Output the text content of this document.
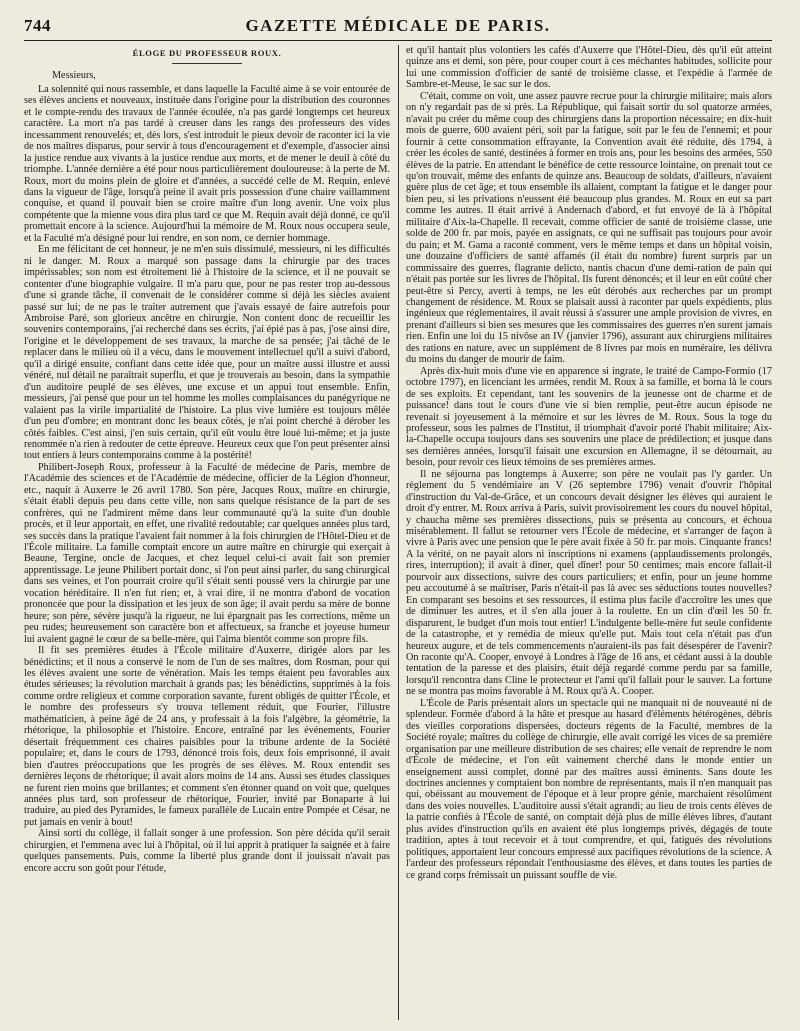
744	GAZETTE MÉDICALE DE PARIS.
ÉLOGE DU PROFESSEUR ROUX.

Messieurs,

La solennité qui nous rassemble, et dans laquelle la Faculté aime à se voir entourée de ses élèves anciens et nouveaux, instituée dans l'origine pour la distribution des couronnes et le compte-rendu des travaux de l'année écoulée, n'a pas gardé longtemps cet heureux caractère. La mort n'a pas tardé à creuser dans les rangs des professeurs des vides incessamment renouvelés; et, dès lors, s'est introduit le pieux devoir de raconter ici la vie de nos maîtres disparus, pour servir à tous d'encouragement et d'exemple, d'associer ainsi la justice rendue aux vivants à la justice rendue aux morts, et de mener le deuil à côté du triomphe. L'année dernière a été pour nous particulièrement douloureuse: à la perte de M. Roux, mort du moins plein de gloire et d'années, a succédé celle de M. Requin, enlevé dans la vigueur de l'âge, lorsqu'à peine il avait pris possession d'une chaire vaillamment conquise, et quand il pouvait bien se croire maître d'un long avenir. Une voix plus compétente que la mienne vous dira plus tard ce que M. Requin avait déjà donné, ce qu'il promettait encore à la science. Aujourd'hui la mémoire de M. Roux nous occupera seule, et la Faculté m'a désigné pour lui rendre, en son nom, ce dernier hommage.

En me félicitant de cet honneur, je ne m'en suis dissimulé, messieurs, ni les difficultés ni le danger. M. Roux a marqué son passage dans la chirurgie par des traces impérissables; son nom est étroitement lié à l'histoire de la science, et il ne pouvait se contenter d'une biographie vulgaire. Il m'a paru que, pour ne pas rester trop au-dessous d'une si grande tâche, il convenait de le considérer comme si déjà les siècles avaient passé sur lui; de ne pas le traiter autrement que j'avais essayé de faire autrefois pour Ambroise Paré, son glorieux ancêtre en chirurgie. Non content donc de recueillir les souvenirs contemporains, j'ai recherché dans ses écrits, j'ai épié pas à pas, j'ose ainsi dire, l'origine et le développement de ses travaux, la marche de sa pensée; j'ai tâché de le replacer dans le milieu où il a vécu, dans le mouvement intellectuel qu'il a suivi d'abord, qu'il a dirigé ensuite, confiant dans cette idée que, pour un maître aussi illustre et aussi vénéré, nul détail ne paraîtrait superflu, et que je trouverais au besoin, dans la sympathie d'un auditoire peuplé de ses élèves, une excuse et un appui tout ensemble. Enfin, messieurs, j'ai pensé que pour un tel homme les molles complaisances du panégyrique ne valaient pas la virile impartialité de l'histoire. La plus vive lumière est toujours mêlée d'un peu d'ombre; en montrant donc les beaux côtés, je n'ai point cherché à dérober les côtés faibles. C'est ainsi, j'en suis certain, qu'il eût voulu être loué lui-même; et ja juste renommée n'a rien à redouter de cette épreuve. Heureux ceux que l'on peut présenter ainsi tout entiers à leurs contemporains comme à la postérité!

Philibert-Joseph Roux, professeur à la Faculté de médecine de Paris, membre de l'Académie des sciences et de l'Académie de médecine, officier de la Légion d'honneur, etc., naquit à Auxerre le 26 avril 1780. Son père, Jacques Roux, maître en chirurgie, s'était établi depuis peu dans cette ville, non sans quelque résistance de la part de ses confrères, qui ne l'admirent même dans leur communauté qu'à la suite d'un double procès, et il leur apportait, en effet, une rivalité redoutable; car quelques années plus tard, ses succès dans la pratique l'avaient fait nommer à la fois chirurgien de l'Hôtel-Dieu et de l'École militaire. La famille comptait encore un autre maître en chirurgie qui exerçait à Beaune, Tergine, oncle de Jacques, et chez lequel celui-ci avait fait son premier apprentissage. Le jeune Philibert portait donc, si l'on peut ainsi parler, du sang chirurgical dans ses veines, et l'on pourrait croire qu'il s'était senti poussé vers la chirurgie par une vocation héréditaire. Il n'en fut rien; et, à vrai dire, il ne montra d'abord de vocation prononcée que pour la dissipation et les jeux de son âge; il avait perdu sa mère de bonne heure; son père, sévère jusqu'à la rigueur, ne lui épargnait pas les corrections, même un peu rudes; heureusement son caractère bon et affectueux, sa franche et joyeuse humeur lui avaient gagné le cœur de sa belle-mère, qui l'aima bientôt comme son propre fils.

Il fit ses premières études à l'École militaire d'Auxerre, dirigée alors par les bénédictins; et il nous a conservé le nom de l'un de ses maîtres, dom Rosman, pour qui les élèves avaient une sorte de vénération. Mais les temps étaient peu favorables aux études sérieuses; la révolution marchait à grands pas; les bénédictins, supprimés à la fois comme ordre religieux et comme corporation savante, furent obligés de quitter l'École, et le nombre des professeurs s'y trouva tellement réduit, que Fourier, l'illustre mathématicien, à peine âgé de 24 ans, y professait à la fois l'algèbre, la géométrie, la rhétorique, la philosophie et l'histoire. Encore, entraîné par les événements, Fourier désertait fréquemment ces chaires paisibles pour la tribune ardente de la Société populaire; et, dans le cours de 1793, dénoncé trois fois, deux fois emprisonné, il avait bien d'autres préoccupations que les progrès de ses élèves. M. Roux entendit ses dernières leçons de rhétorique; il avait alors moins de 14 ans. Aussi ses études classiques ne furent rien moins que brillantes; et comment s'en étonner quand on voit que, quelques années plus tard, son professeur de rhétorique, Fourier, invité par Bonaparte à lui traduire, au pied des Pyramides, le fameux parallèle de Lucain entre Pompée et César, ne put jamais en venir à bout!

Ainsi sorti du collège, il fallait songer à une profession. Son père décida qu'il serait chirurgien, et l'emmena avec lui à l'hôpital, où il lui apprit à pratiquer la saignée et à faire quelques pansements. Puis, comme la liberté plus grande dont il jouissait n'avait pas encore accru son goût pour l'étude,

et qu'il hantait plus volontiers les cafés d'Auxerre que l'Hôtel-Dieu, dès qu'il eût atteint quinze ans et demi, son père, pour couper court à ces méchantes habitudes, sollicite pour lui une commission d'officier de santé de troisième classe, et l'expédie à l'armée de Sambre-et-Meuse, le sac sur le dos.

C'était, comme on voit, une assez pauvre recrue pour la chirurgie militaire; mais alors on n'y regardait pas de si près. La République, qui faisait sortir du sol quatorze armées, n'avait pu créer du même coup des chirurgiens dans la proportion nécessaire; en dix-huit mois de guerre, 600 avaient péri, soit par la fatigue, soit par le feu de l'ennemi; et pour fournir à cette consommation effrayante, la Convention avait été réduite, dès 1794, à créer les écoles de santé, destinées à former en trois ans, pour les besoins des armées, 550 élèves de la patrie. En attendant le bénéfice de cette ressource lointaine, on prenait tout ce qu'on trouvait, même des enfants de quinze ans. Beaucoup de soldats, d'ailleurs, n'avaient guère plus de cet âge; et tous ensemble ils allaient, comptant la fatigue et le danger pour bien peu, si les privations n'eussent été beaucoup plus grandes. M. Roux en eut sa part comme les autres. Il était arrivé à Andernach d'abord, et fut envoyé de là à l'hôpital militaire d'Aix-la-Chapelle. Il recevait, comme officier de santé de troisième classe, une solde de 200 fr. par mois, payée en assignats, ce qui ne suffisait pas toujours pour avoir du pain; et M. Gama a raconté comment, vers le même temps et dans un hôpital voisin, une douzaine d'officiers de santé affamés (il était du nombre) furent surpris par un commissaire des guerres, flagrante delicto, nantis chacun d'une demi-ration de pain qui n'était pas portée sur les livres de l'hôpital. Ils furent dénoncés; et il leur en eût coûté cher peut-être si Percy, averti à temps, ne les eût dérobés aux recherches par un prompt changement de résidence. M. Roux se plaisait aussi à raconter par quels expédients, plus ingénieux que réglementaires, il avait réussi à s'assurer une ample provision de vivres, en prenant d'ailleurs si bien ses mesures que les commissaires des guerres n'en surent jamais rien. Enfin une loi du 15 nivôse an IV (janvier 1796), assurant aux chirurgiens militaires des rations en nature, avec un supplément de 8 livres par mois en numéraire, les délivra du moins du danger de mourir de faim.

Après dix-huit mois d'une vie en apparence si ingrate, le traité de Campo-Formio (17 octobre 1797), en licenciant les armées, rendit M. Roux à sa famille, et borna là le cours de ses exploits. Et cependant, tant les souvenirs de la jeunesse ont de charme et de puissance! dans tout le cours d'une vie si bien remplie, peut-être aucun épisode ne revenait si joyeusement à la mémoire et sur les lèvres de M. Roux. Sous la toge du professeur, sous les palmes de l'Institut, il triomphait d'avoir porté l'habit militaire; Aix-la-Chapelle occupa toujours dans ses souvenirs une place de prédilection; et jusque dans ses dernières années, lorsqu'il faisait une excursion en Allemagne, il se détournait, au besoin, pour revoir ces lieux témoins de ses premières armes.

Il ne séjourna pas longtemps à Auxerre; son père ne voulait pas l'y garder. Un règlement du 5 vendémiaire an V (26 septembre 1796) venait d'ouvrir l'hôpital d'instruction du Val-de-Grâce, et un concours devait désigner les élèves qui auraient le droit d'y entrer. M. Roux arriva à Paris, suivit provisoirement les cours du nouvel hôpital, y chaucha même ses premières dissections, puis se présenta au concours, et échoua misérablement. Il fallut se retourner vers l'École de médecine, et s'arranger de façon à vivre à Paris avec une pension que le père avait fixée à 50 fr. par mois. Cinquante francs! A la vérité, on ne payait alors ni inscriptions ni examens (applaudissements prolongés, rires, interruption); il avait à dîner, quel dîner! pour 50 centimes; mais encore fallait-il pourvoir aux dissections, suivre des cours particuliers; et enfin, pour un jeune homme peu accoutumé à se maîtriser, Paris n'était-il pas là avec ses séductions toutes nouvelles? En comparant ses besoins et ses ressources, il estima plus facile d'accroître les unes que de diminuer les autres, et il s'en alla jouer à la roulette. En un clin d'œil les 50 fr. disparurent, le budget d'un mois tout entier! L'indulgente belle-mère fut seule confidente de la catastrophe, et y remédia de mieux qu'elle put. Mais tout cela n'était pas d'un heureux augure, et de tels commencements n'auraient-ils pas fait désespérer de l'avenir? On raconte qu'A. Cooper, envoyé à Londres à l'âge de 16 ans, et cédant aussi à la double tentation de la paresse et des plaisirs, était déjà regardé comme perdu par sa famille, lorsqu'il rencontra dans Cline le protecteur et l'ami qu'il fallait pour le sauver. La fortune ne se montra pas moins favorable à M. Roux qu'à A. Cooper.

L'École de Paris présentait alors un spectacle qui ne manquait ni de nouveauté ni de splendeur. Formée d'abord à la hâte et presque au hasard d'éléments hétérogènes, débris des vieilles corporations dispersées, docteurs régents de la Faculté, membres de la Société royale; maîtres du collège de chirurgie, elle avait corrigé les vices de sa première organisation par une meilleure distribution de ses chaires; elle venait de reprendre le nom d'École de médecine, et l'on eût vainement cherché dans le monde entier un enseignement aussi complet, donné par des maîtres aussi éminents. Sans doute les doctrines anciennes y comptaient bon nombre de représentants, mais il n'en manquait pas qui, obéissant au mouvement de l'époque et à leur propre génie, marchaient résolûment dans des voies nouvelles. L'auditoire aussi s'était agrandi; au lieu de trois cents élèves de la patrie confiés à l'École de santé, on comptait déjà plus de mille élèves libres, d'autant plus avides d'instruction qu'ils en avaient été plus longtemps privés, dégagés de toute tradition, aptes à tout recevoir et à tout comprendre, et qui, fatigués des révolutions politiques, apportaient leur concours empressé aux pacifiques révolutions de la science. A l'ardeur des professeurs répondait l'enthousiasme des élèves, et dans toutes les parties de ce grand corps frémissait un puissant souffle de vie.
